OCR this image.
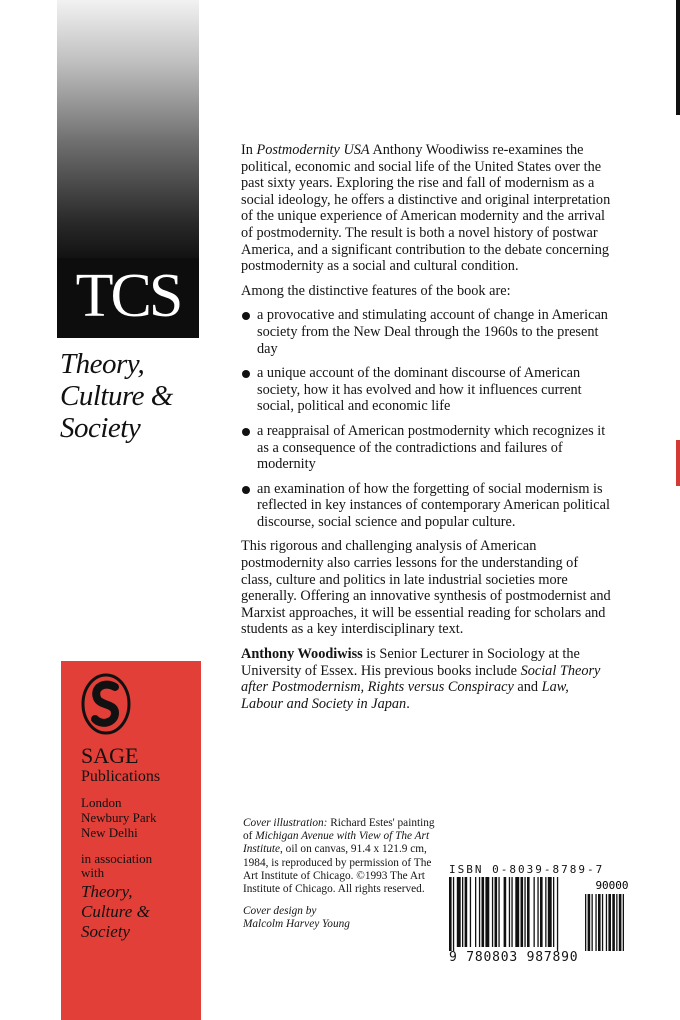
TCS
Theory,
Culture &
Society

In Postmodernity USA Anthony Woodiwiss re-examines the political, economic and social life of the United States over the past sixty years. Exploring the rise and fall of modernism as a social ideology, he offers a distinctive and original interpretation of the unique experience of American modernity and the arrival of postmodernity. The result is both a novel history of postwar America, and a significant contribution to the debate concerning postmodernity as a social and cultural condition.

Among the distinctive features of the book are:

a provocative and stimulating account of change in American society from the New Deal through the 1960s to the present day
a unique account of the dominant discourse of American society, how it has evolved and how it influences current social, political and economic life
a reappraisal of American postmodernity which recognizes it as a consequence of the contradictions and failures of modernity
an examination of how the forgetting of social modernism is reflected in key instances of contemporary American political discourse, social science and popular culture.

This rigorous and challenging analysis of American postmodernity also carries lessons for the understanding of class, culture and politics in late industrial societies more generally. Offering an innovative synthesis of postmodernist and Marxist approaches, it will be essential reading for scholars and students as a key interdisciplinary text.

Anthony Woodiwiss is Senior Lecturer in Sociology at the University of Essex. His previous books include Social Theory after Postmodernism, Rights versus Conspiracy and Law, Labour and Society in Japan.

SAGE
Publications
London
Newbury Park
New Delhi
in association
with
Theory,
Culture &
Society

Cover illustration: Richard Estes' painting of Michigan Avenue with View of The Art Institute, oil on canvas, 91.4 x 121.9 cm, 1984, is reproduced by permission of The Art Institute of Chicago. ©1993 The Art Institute of Chicago. All rights reserved.

Cover design by
Malcolm Harvey Young

ISBN 0-8039-8789-7
90000
9 780803 987890
